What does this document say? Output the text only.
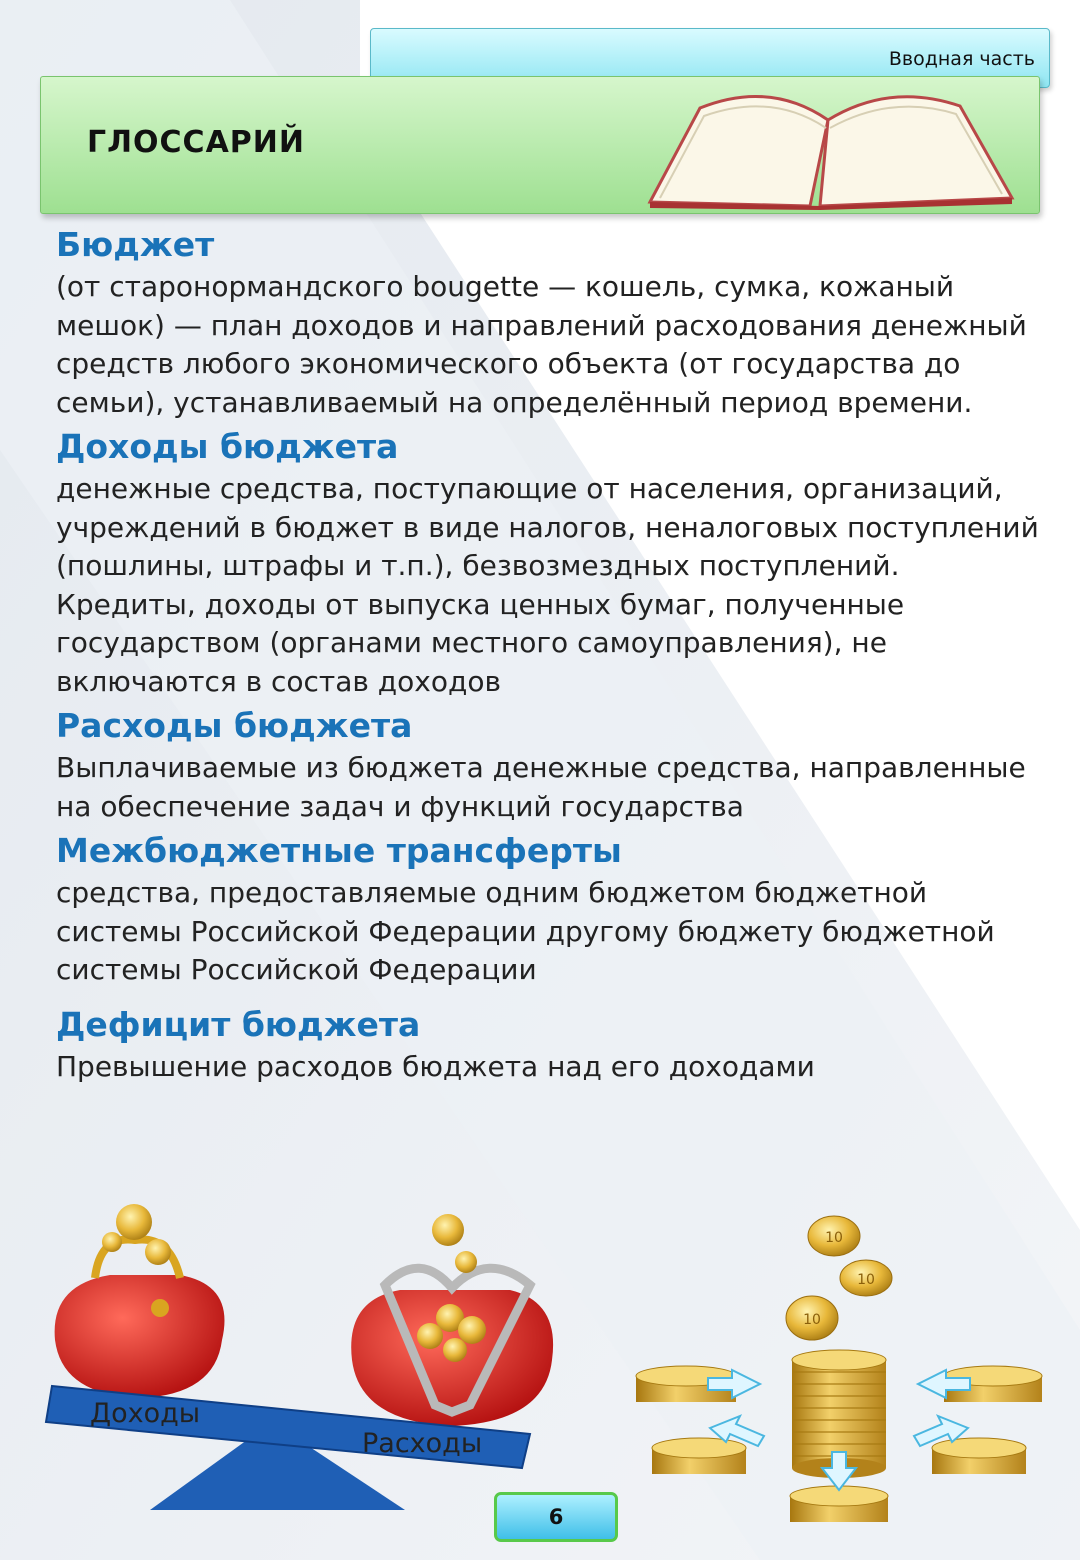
Вводная часть
ГЛОССАРИЙ

Бюджет

(от старонормандского bougette — кошель, сумка, кожаный мешок) — план доходов и направлений расходования денежный средств любого экономического объекта (от государства до семьи), устанавливаемый на определённый период времени.

Доходы бюджета

денежные средства, поступающие от населения, организаций, учреждений в бюджет в виде налогов, неналоговых поступлений (пошлины, штрафы и т.п.), безвозмездных поступлений. Кредиты, доходы от выпуска ценных бумаг, полученные государством (органами местного самоуправления), не включаются в состав доходов

Расходы бюджета

Выплачиваемые из бюджета денежные средства, направленные на обеспечение задач и функций государства

Межбюджетные трансферты

средства, предоставляемые одним бюджетом бюджетной системы Российской Федерации другому бюджету бюджетной системы Российской Федерации

Дефицит бюджета

Превышение расходов бюджета над его доходами

Доходы
Расходы
10
10
10
6
